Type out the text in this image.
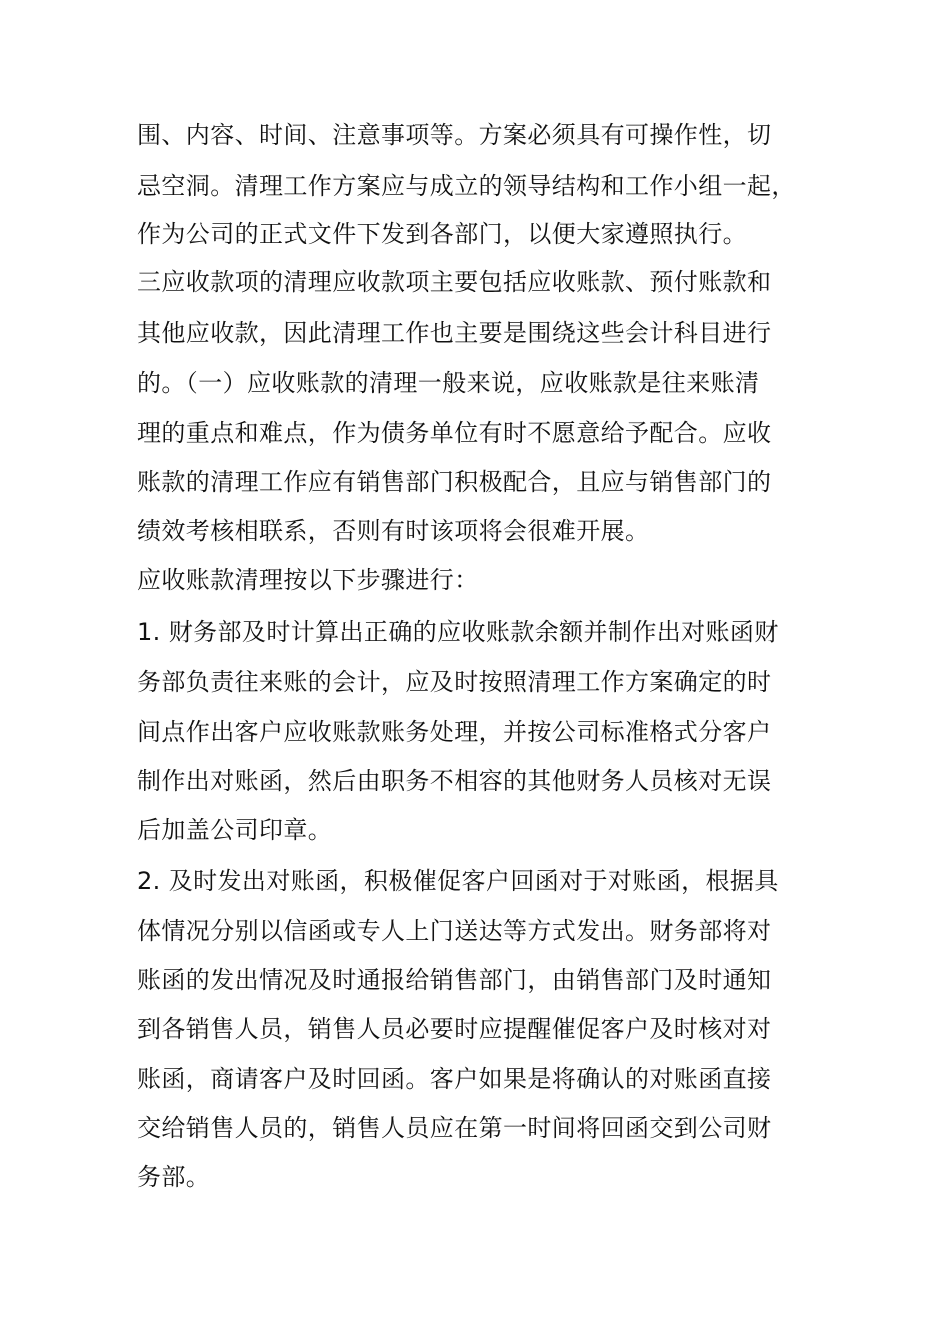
围、内容、时间、注意事项等。方案必须具有可操作性，切
忌空洞。清理工作方案应与成立的领导结构和工作小组一起，
作为公司的正式文件下发到各部门，以便大家遵照执行。
三应收款项的清理应收款项主要包括应收账款、预付账款和
其他应收款，因此清理工作也主要是围绕这些会计科目进行
的。（一）应收账款的清理一般来说，应收账款是往来账清
理的重点和难点，作为债务单位有时不愿意给予配合。应收
账款的清理工作应有销售部门积极配合，且应与销售部门的
绩效考核相联系，否则有时该项将会很难开展。
应收账款清理按以下步骤进行：
1. 财务部及时计算出正确的应收账款余额并制作出对账函财
务部负责往来账的会计，应及时按照清理工作方案确定的时
间点作出客户应收账款账务处理，并按公司标准格式分客户
制作出对账函，然后由职务不相容的其他财务人员核对无误
后加盖公司印章。
2. 及时发出对账函，积极催促客户回函对于对账函，根据具
体情况分别以信函或专人上门送达等方式发出。财务部将对
账函的发出情况及时通报给销售部门，由销售部门及时通知
到各销售人员，销售人员必要时应提醒催促客户及时核对对
账函，商请客户及时回函。客户如果是将确认的对账函直接
交给销售人员的，销售人员应在第一时间将回函交到公司财
务部。
